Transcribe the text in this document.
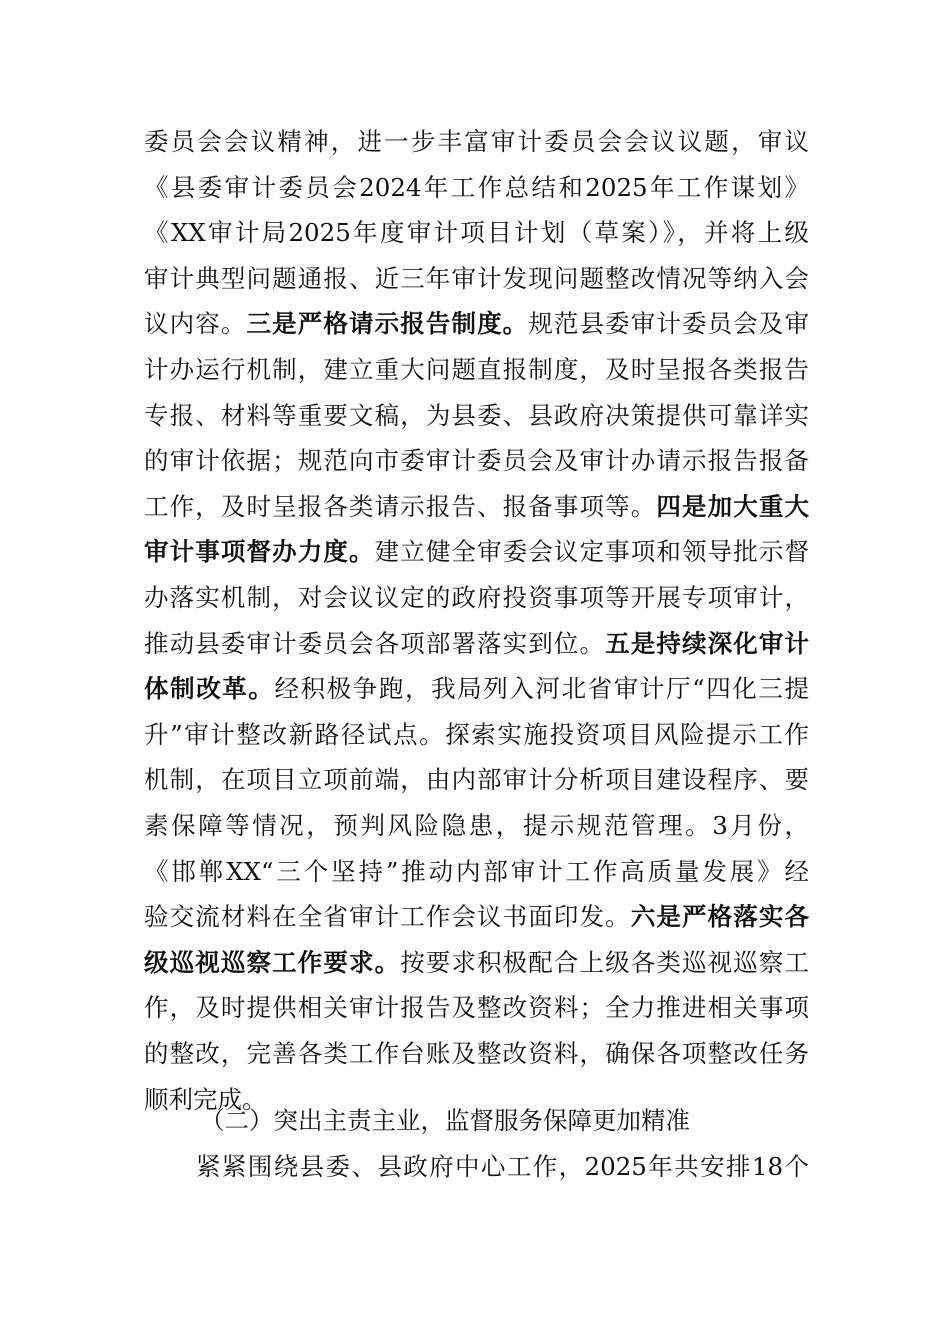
委员会会议精神，进一步丰富审计委员会会议议题，审议
《县委审计委员会2024年工作总结和2025年工作谋划》
《XX审计局2025年度审计项目计划（草案）》，并将上级
审计典型问题通报、近三年审计发现问题整改情况等纳入会
议内容。三是严格请示报告制度。规范县委审计委员会及审
计办运行机制，建立重大问题直报制度，及时呈报各类报告
专报、材料等重要文稿，为县委、县政府决策提供可靠详实
的审计依据；规范向市委审计委员会及审计办请示报告报备
工作，及时呈报各类请示报告、报备事项等。四是加大重大
审计事项督办力度。建立健全审委会议定事项和领导批示督
办落实机制，对会议议定的政府投资事项等开展专项审计，
推动县委审计委员会各项部署落实到位。五是持续深化审计
体制改革。经积极争跑，我局列入河北省审计厅“四化三提
升”审计整改新路径试点。探索实施投资项目风险提示工作
机制，在项目立项前端，由内部审计分析项目建设程序、要
素保障等情况，预判风险隐患，提示规范管理。3月份，
《邯郸XX“三个坚持”推动内部审计工作高质量发展》经
验交流材料在全省审计工作会议书面印发。六是严格落实各
级巡视巡察工作要求。按要求积极配合上级各类巡视巡察工
作，及时提供相关审计报告及整改资料；全力推进相关事项
的整改，完善各类工作台账及整改资料，确保各项整改任务
顺利完成。
（二）突出主责主业，监督服务保障更加精准
紧紧围绕县委、县政府中心工作，2025年共安排18个
